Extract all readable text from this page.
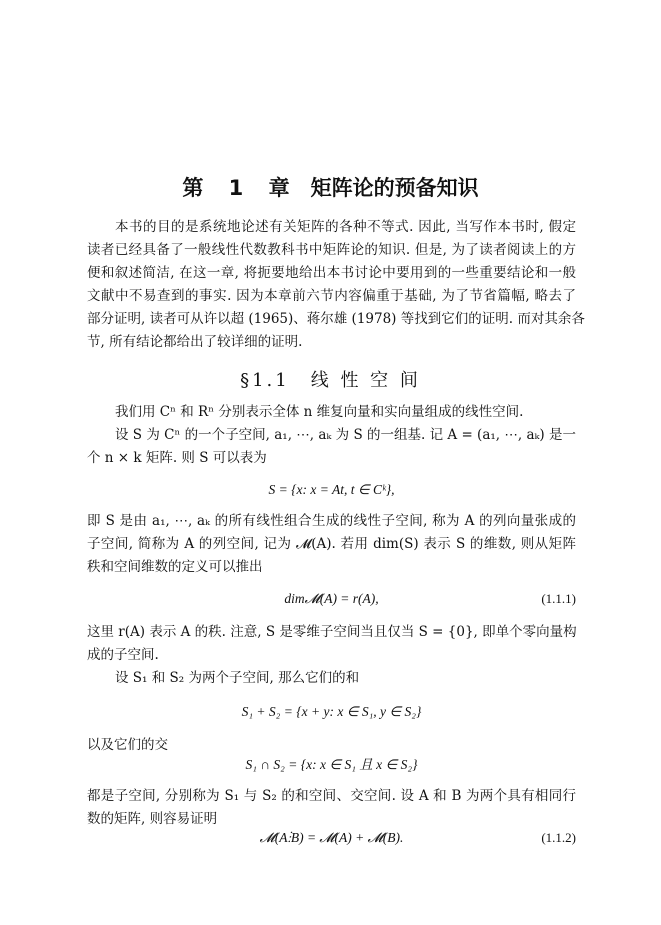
第 1 章　矩阵论的预备知识
本书的目的是系统地论述有关矩阵的各种不等式. 因此, 当写作本书时, 假定
读者已经具备了一般线性代数教科书中矩阵论的知识. 但是, 为了读者阅读上的方
便和叙述简洁, 在这一章, 将扼要地给出本书讨论中要用到的一些重要结论和一般
文献中不易查到的事实. 因为本章前六节内容偏重于基础, 为了节省篇幅, 略去了
部分证明, 读者可从许以超 (1965)、蒋尔雄 (1978) 等找到它们的证明. 而对其余各
节, 所有结论都给出了较详细的证明.
§1.1　线 性 空 间
我们用 Cⁿ 和 Rⁿ 分别表示全体 n 维复向量和实向量组成的线性空间.
设 S 为 Cⁿ 的一个子空间, a₁, ⋯, aₖ 为 S 的一组基. 记 A = (a₁, ⋯, aₖ) 是一
个 n × k 矩阵. 则 S 可以表为
S = {x: x = At, t ∈ Cᵏ},
即 S 是由 a₁, ⋯, aₖ 的所有线性组合生成的线性子空间, 称为 A 的列向量张成的
子空间, 简称为 A 的列空间, 记为 𝓜(A). 若用 dim(S) 表示 S 的维数, 则从矩阵
秩和空间维数的定义可以推出
dim𝓜(A) = r(A),	(1.1.1)
这里 r(A) 表示 A 的秩. 注意, S 是零维子空间当且仅当 S = {0}, 即单个零向量构
成的子空间.
设 S₁ 和 S₂ 为两个子空间, 那么它们的和
S₁ + S₂ = {x + y: x ∈ S₁, y ∈ S₂}
以及它们的交
S₁ ∩ S₂ = {x: x ∈ S₁ 且 x ∈ S₂}
都是子空间, 分别称为 S₁ 与 S₂ 的和空间、交空间. 设 A 和 B 为两个具有相同行
数的矩阵, 则容易证明
𝓜(A⋮B) = 𝓜(A) + 𝓜(B).	(1.1.2)
